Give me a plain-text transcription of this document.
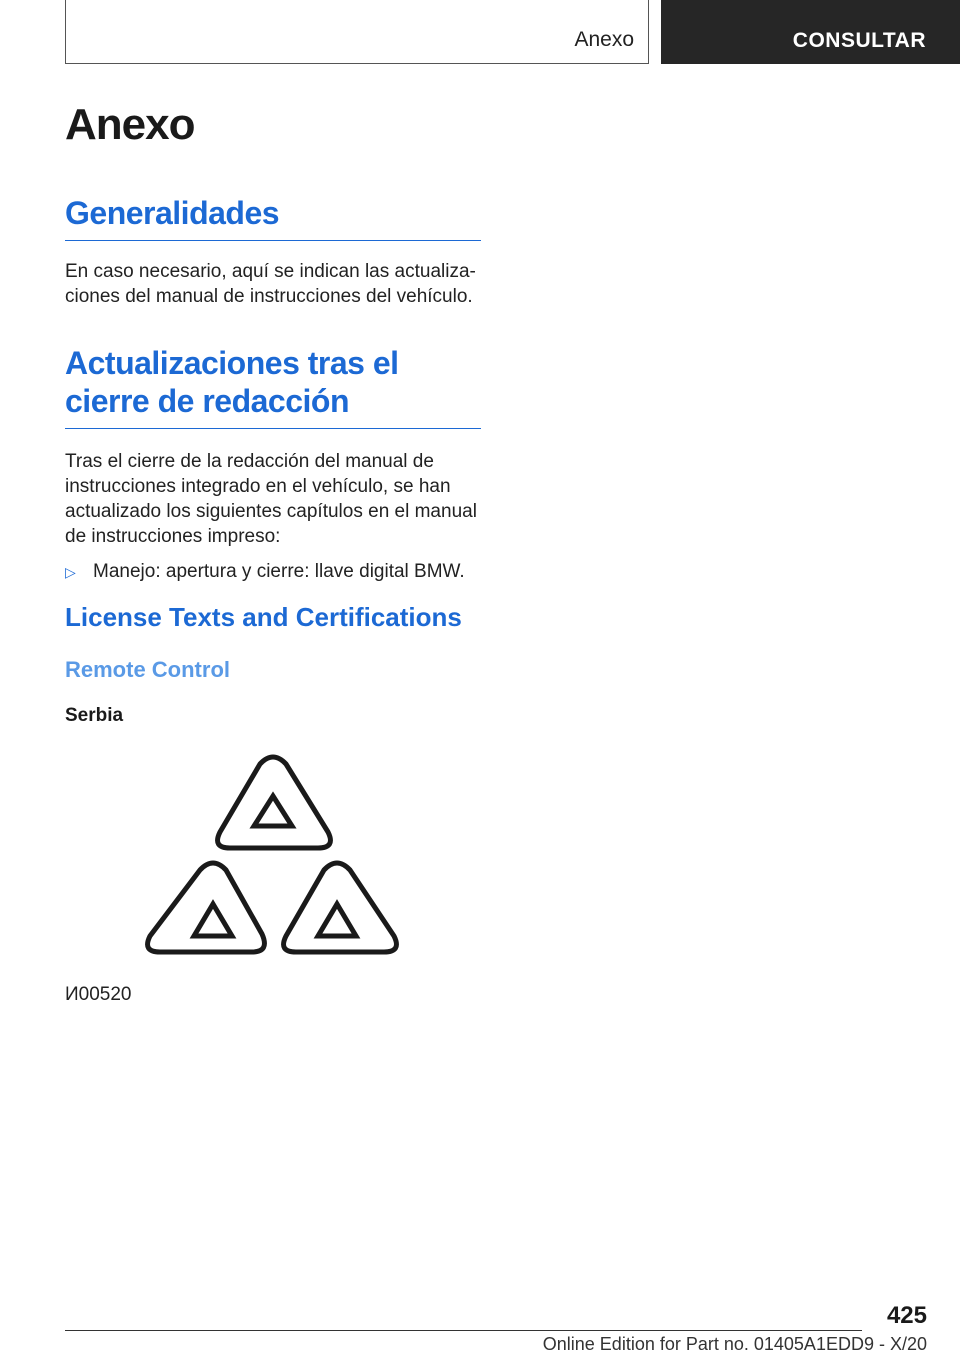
Anexo	CONSULTAR
Anexo
Generalidades

En caso necesario, aquí se indican las actualiza-

ciones del manual de instrucciones del vehículo.

Actualizaciones tras el
cierre de redacción

Tras el cierre de la redacción del manual de

instrucciones integrado en el vehículo, se han

actualizado los siguientes capítulos en el manual

de instrucciones impreso:

▷ Manejo: apertura y cierre: llave digital BMW.
License Texts and Certifications
Remote Control
Serbia
И00520
425
Online Edition for Part no. 01405A1EDD9 - X/20
